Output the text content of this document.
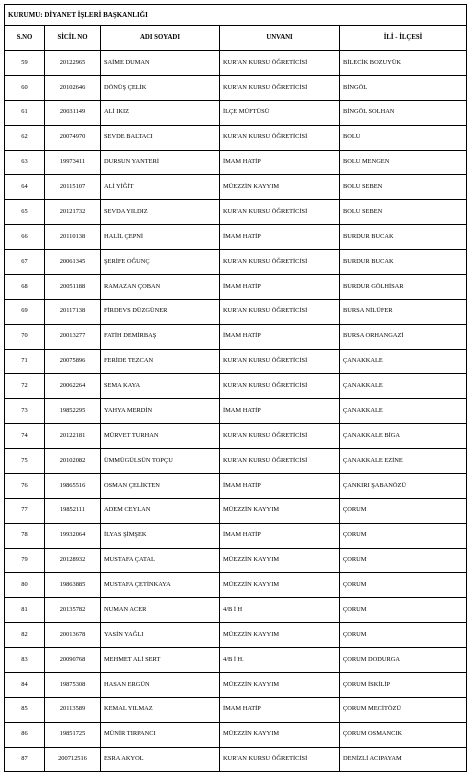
KURUMU: DİYANET İŞLERİ BAŞKANLIĞI				
S.NO	SİCİL NO	ADI SOYADI	UNVANI	İLİ - İLÇESİ
59	20122965	SAİME DUMAN	KUR'AN KURSU ÖĞRETİCİSİ	BİLECİK BOZUYÜK
60	20102646	DÖNÜŞ ÇELİK	KUR'AN KURSU ÖĞRETİCİSİ	BİNGÖL
61	20031149	ALİ IKIZ	İLÇE MÜFTÜSÜ	BİNGÖL SOLHAN
62	20074970	SEVDE BALTACI	KUR'AN KURSU ÖĞRETİCİSİ	BOLU
63	19973411	DURSUN YANTERİ	İMAM HATİP	BOLU MENGEN
64	20115107	ALİ YİĞİT	MÜEZZİN KAYYIM	BOLU SEBEN
65	20121732	SEVDA YILDIZ	KUR'AN KURSU ÖĞRETİCİSİ	BOLU SEBEN
66	20110138	HALİL ÇEPNİ	İMAM HATİP	BURDUR BUCAK
67	20061345	ŞERİFE OĞUNÇ	KUR'AN KURSU ÖĞRETİCİSİ	BURDUR BUCAK
68	20051188	RAMAZAN ÇOBAN	İMAM HATİP	BURDUR GÖLHİSAR
69	20117138	FİRDEVS DÜZGÜNER	KUR'AN KURSU ÖĞRETİCİSİ	BURSA NİLÜFER
70	20013277	FATİH DEMİRBAŞ	İMAM HATİP	BURSA ORHANGAZİ
71	20075896	FERİDE TEZCAN	KUR'AN KURSU ÖĞRETİCİSİ	ÇANAKKALE
72	20062264	SEMA KAYA	KUR'AN KURSU ÖĞRETİCİSİ	ÇANAKKALE
73	19852295	YAHYA MERDİN	İMAM HATİP	ÇANAKKALE
74	20122181	MÜRVET TURHAN	KUR'AN KURSU ÖĞRETİCİSİ	ÇANAKKALE BİGA
75	20102082	ÜMMÜGÜLSÜN TOPÇU	KUR'AN KURSU ÖĞRETİCİSİ	ÇANAKKALE EZİNE
76	19865516	OSMAN ÇELİKTEN	İMAM HATİP	ÇANKIRI ŞABANÖZÜ
77	19852111	ADEM CEYLAN	MÜEZZİN KAYYIM	ÇORUM
78	19932064	İLYAS ŞİMŞEK	İMAM HATİP	ÇORUM
79	20128932	MUSTAFA ÇATAL	MÜEZZİN KAYYIM	ÇORUM
80	19863885	MUSTAFA ÇETİNKAYA	MÜEZZİN KAYYIM	ÇORUM
81	20135782	NUMAN ACER	4/B İ H	ÇORUM
82	20013678	YASİN YAĞLI	MÜEZZİN KAYYIM	ÇORUM
83	20090768	MEHMET ALİ SERT	4/B İ H.	ÇORUM DODURGA
84	19875308	HASAN ERGÜN	MÜEZZİN KAYYIM	ÇORUM İSKİLİP
85	20113589	KEMAL YILMAZ	İMAM HATİP	ÇORUM MECİTÖZÜ
86	19851725	MÜNİR TIRPANCI	MÜEZZİN KAYYIM	ÇORUM OSMANCIK
87	200712516	ESRA AKYOL	KUR'AN KURSU ÖĞRETİCİSİ	DENİZLİ ACIPAYAM
